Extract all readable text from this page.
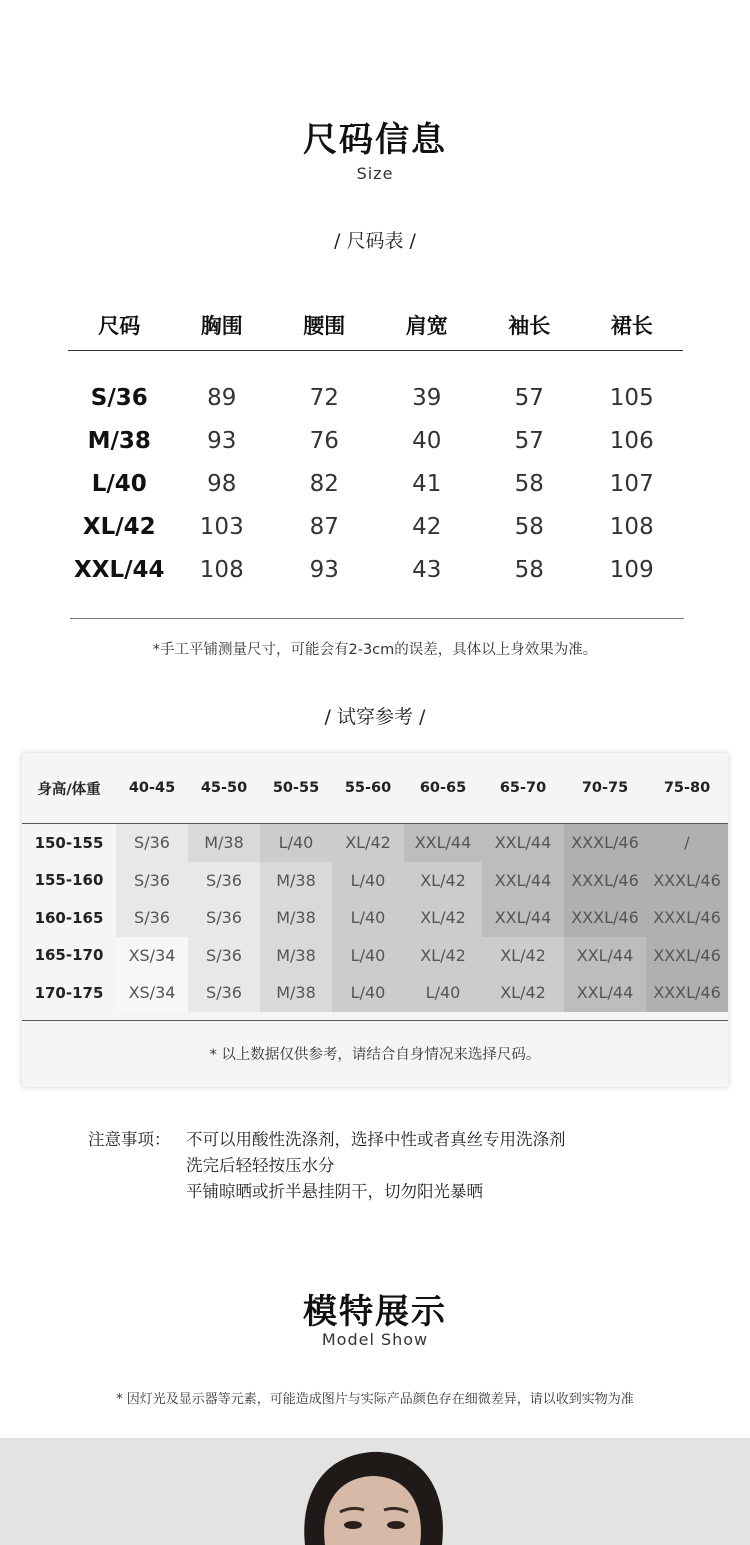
尺码信息
Size
/ 尺码表 /
尺码	胸围	腰围	肩宽	袖长	裙长
S/36	89	72	39	57	105
M/38	93	76	40	57	106
L/40	98	82	41	58	107
XL/42	103	87	42	58	108
XXL/44	108	93	43	58	109
*手工平铺测量尺寸，可能会有2-3cm的误差，具体以上身效果为准。
/ 试穿参考 /
身高/体重	40-45	45-50	50-55	55-60	60-65	65-70	70-75	75-80
150-155	S/36	M/38	L/40	XL/42	XXL/44	XXL/44	XXXL/46	/
155-160	S/36	S/36	M/38	L/40	XL/42	XXL/44	XXXL/46 XXXL/46
160-165	S/36	S/36	M/38	L/40	XL/42	XXL/44	XXXL/46 XXXL/46
165-170	XS/34	S/36	M/38	L/40	XL/42	XL/42	XXL/44	XXXL/46
170-175	XS/34	S/36	M/38	L/40	L/40	XL/42	XXL/44	XXXL/46
* 以上数据仅供参考，请结合自身情况来选择尺码。
注意事项： 不可以用酸性洗涤剂，选择中性或者真丝专用洗涤剂
洗完后轻轻按压水分
平铺晾晒或折半悬挂阴干，切勿阳光暴晒
模特展示
Model Show
* 因灯光及显示器等元素，可能造成图片与实际产品颜色存在细微差异，请以收到实物为准
